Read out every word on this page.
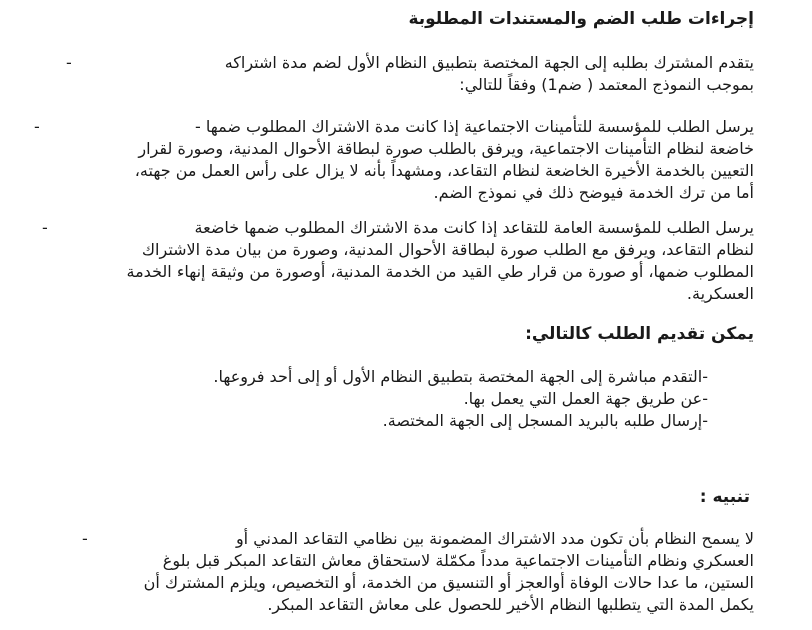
إجراءات طلب الضم والمستندات المطلوبة
-	يتقدم المشترك بطلبه إلى الجهة المختصة بتطبيق النظام الأول لضم مدة اشتراكه
بموجب النموذج المعتمد ( ضم1) وفقاً للتالي:
-	يرسل الطلب للمؤسسة للتأمينات الاجتماعية إذا كانت مدة الاشتراك المطلوب ضمها -
خاضعة لنظام التأمينات الاجتماعية، ويرفق بالطلب صورة لبطاقة الأحوال المدنية، وصورة لقرار
التعيين بالخدمة الأخيرة الخاضعة لنظام التقاعد، ومشهداً بأنه لا يزال على رأس العمل من جهته،
أما من ترك الخدمة فيوضح ذلك في نموذج الضم.
-	يرسل الطلب للمؤسسة العامة للتقاعد إذا كانت مدة الاشتراك المطلوب ضمها خاضعة
لنظام التقاعد، ويرفق مع الطلب صورة لبطاقة الأحوال المدنية، وصورة من بيان مدة الاشتراك
المطلوب ضمها، أو صورة من قرار طي القيد من الخدمة المدنية، أوصورة من وثيقة إنهاء الخدمة
العسكرية.
يمكن تقديم الطلب كالتالي:
-التقدم مباشرة إلى الجهة المختصة بتطبيق النظام الأول أو إلى أحد فروعها.
-عن طريق جهة العمل التي يعمل بها.
-إرسال طلبه بالبريد المسجل إلى الجهة المختصة.
تنبيه :
-	لا يسمح النظام بأن تكون مدد الاشتراك المضمونة بين نظامي التقاعد المدني أو
العسكري ونظام التأمينات الاجتماعية مدداً مكمّلة لاستحقاق معاش التقاعد المبكر قبل بلوغ
الستين، ما عدا حالات الوفاة أوالعجز أو التنسيق من الخدمة، أو التخصيص، ويلزم المشترك أن
يكمل المدة التي يتطلبها النظام الأخير للحصول على معاش التقاعد المبكر.
